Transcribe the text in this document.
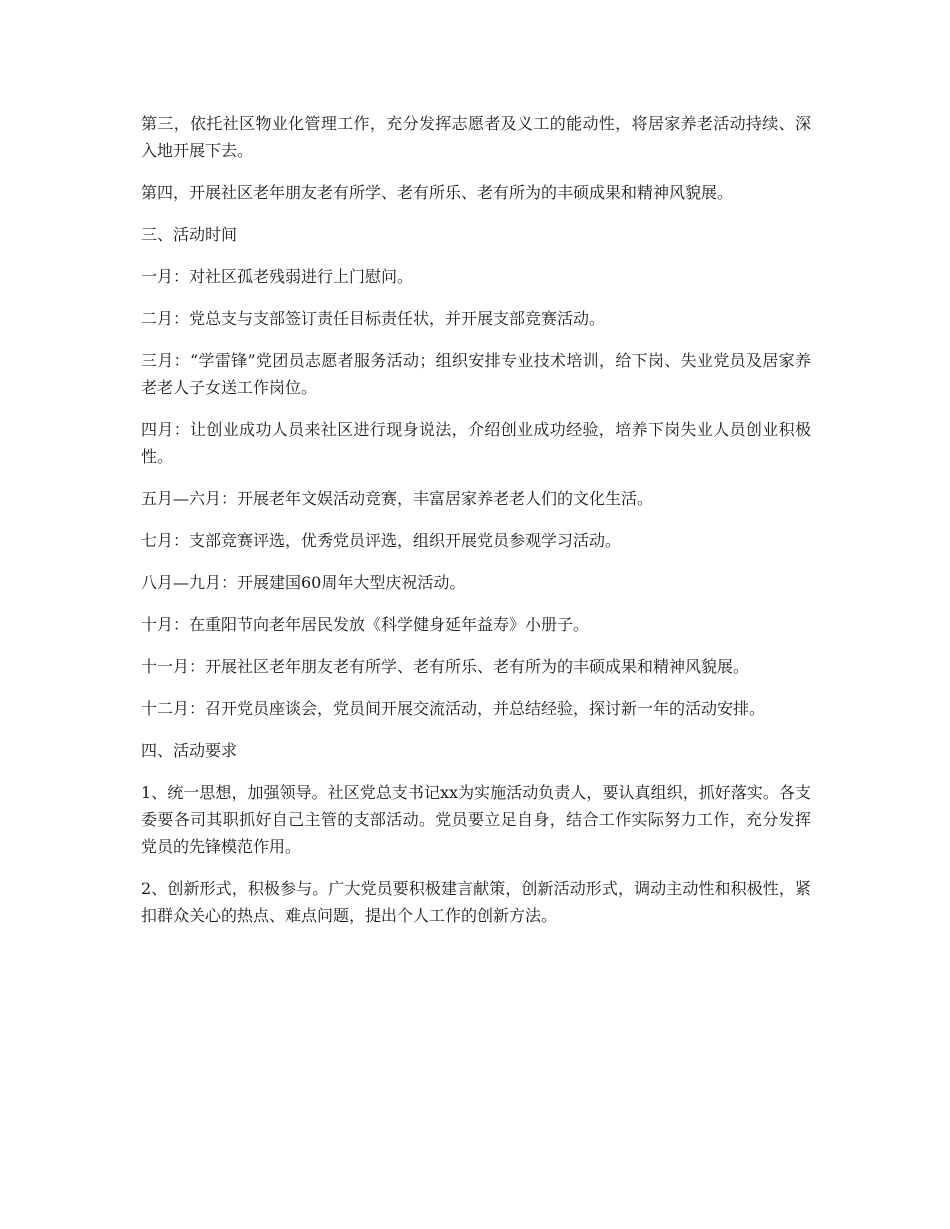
第三，依托社区物业化管理工作，充分发挥志愿者及义工的能动性，将居家养老活动持续、深入地开展下去。

第四，开展社区老年朋友老有所学、老有所乐、老有所为的丰硕成果和精神风貌展。

三、活动时间

一月：对社区孤老残弱进行上门慰问。

二月：党总支与支部签订责任目标责任状，并开展支部竞赛活动。

三月：“学雷锋”党团员志愿者服务活动；组织安排专业技术培训，给下岗、失业党员及居家养老老人子女送工作岗位。

四月：让创业成功人员来社区进行现身说法，介绍创业成功经验，培养下岗失业人员创业积极性。

五月—六月：开展老年文娱活动竞赛，丰富居家养老老人们的文化生活。

七月：支部竞赛评选，优秀党员评选，组织开展党员参观学习活动。

八月—九月：开展建国60周年大型庆祝活动。

十月：在重阳节向老年居民发放《科学健身延年益寿》小册子。

十一月：开展社区老年朋友老有所学、老有所乐、老有所为的丰硕成果和精神风貌展。

十二月：召开党员座谈会，党员间开展交流活动，并总结经验，探讨新一年的活动安排。

四、活动要求

1、统一思想，加强领导。社区党总支书记xx为实施活动负责人，要认真组织，抓好落实。各支委要各司其职抓好自己主管的支部活动。党员要立足自身，结合工作实际努力工作，充分发挥党员的先锋模范作用。

2、创新形式，积极参与。广大党员要积极建言献策，创新活动形式，调动主动性和积极性，紧扣群众关心的热点、难点问题，提出个人工作的创新方法。
